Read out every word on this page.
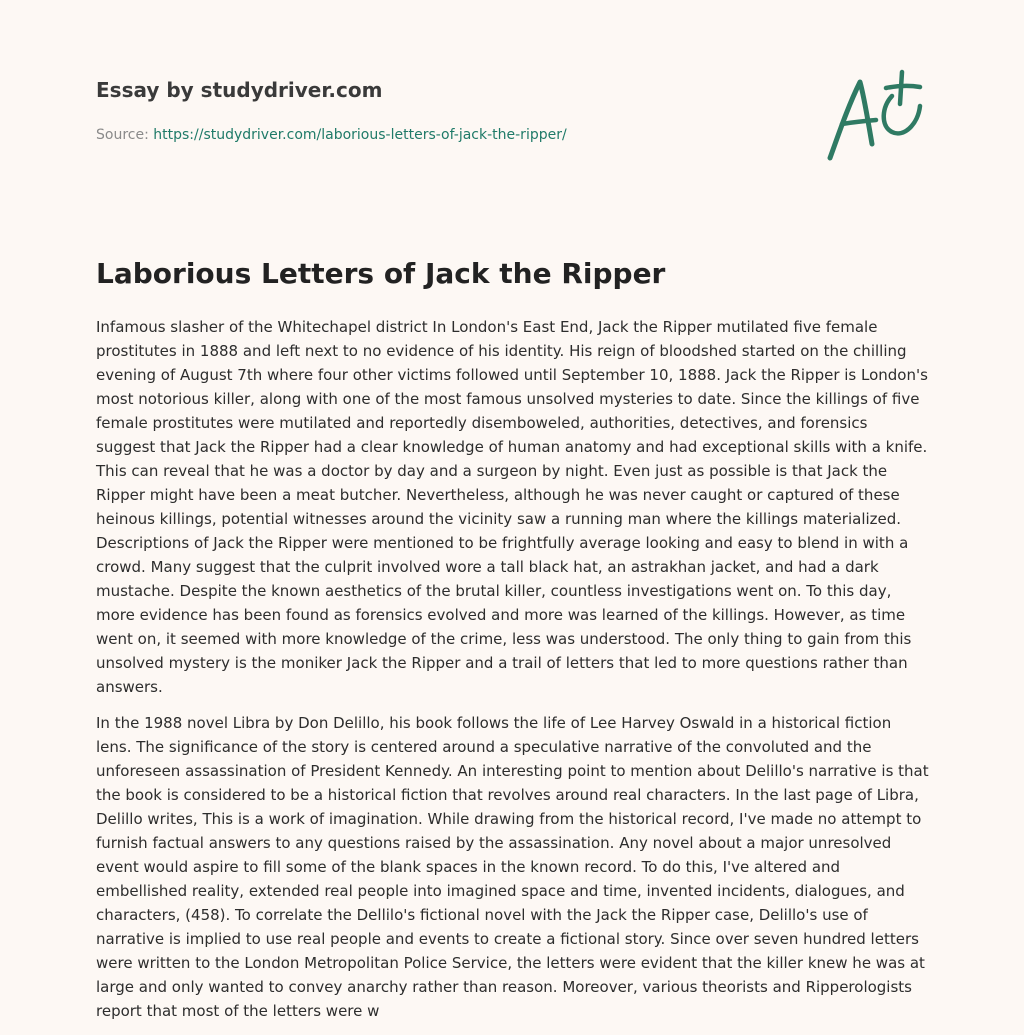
Essay by studydriver.com
Source: https://studydriver.com/laborious-letters-of-jack-the-ripper/
Laborious Letters of Jack the Ripper

Infamous slasher of the Whitechapel district In London's East End, Jack the Ripper mutilated five female prostitutes in 1888 and left next to no evidence of his identity. His reign of bloodshed started on the chilling evening of August 7th where four other victims followed until September 10, 1888. Jack the Ripper is London's most notorious killer, along with one of the most famous unsolved mysteries to date. Since the killings of five female prostitutes were mutilated and reportedly disemboweled, authorities, detectives, and forensics suggest that Jack the Ripper had a clear knowledge of human anatomy and had exceptional skills with a knife. This can reveal that he was a doctor by day and a surgeon by night. Even just as possible is that Jack the Ripper might have been a meat butcher. Nevertheless, although he was never caught or captured of these heinous killings, potential witnesses around the vicinity saw a running man where the killings materialized. Descriptions of Jack the Ripper were mentioned to be frightfully average looking and easy to blend in with a crowd. Many suggest that the culprit involved wore a tall black hat, an astrakhan jacket, and had a dark mustache. Despite the known aesthetics of the brutal killer, countless investigations went on. To this day, more evidence has been found as forensics evolved and more was learned of the killings. However, as time went on, it seemed with more knowledge of the crime, less was understood. The only thing to gain from this unsolved mystery is the moniker Jack the Ripper and a trail of letters that led to more questions rather than answers.

In the 1988 novel Libra by Don Delillo, his book follows the life of Lee Harvey Oswald in a historical fiction lens. The significance of the story is centered around a speculative narrative of the convoluted and the unforeseen assassination of President Kennedy. An interesting point to mention about Delillo's narrative is that the book is considered to be a historical fiction that revolves around real characters. In the last page of Libra, Delillo writes, This is a work of imagination. While drawing from the historical record, I've made no attempt to furnish factual answers to any questions raised by the assassination. Any novel about a major unresolved event would aspire to fill some of the blank spaces in the known record. To do this, I've altered and embellished reality, extended real people into imagined space and time, invented incidents, dialogues, and characters, (458). To correlate the Dellilo's fictional novel with the Jack the Ripper case, Delillo's use of narrative is implied to use real people and events to create a fictional story. Since over seven hundred letters were written to the London Metropolitan Police Service, the letters were evident that the killer knew he was at large and only wanted to convey anarchy rather than reason. Moreover, various theorists and Ripperologists report that most of the letters were w
